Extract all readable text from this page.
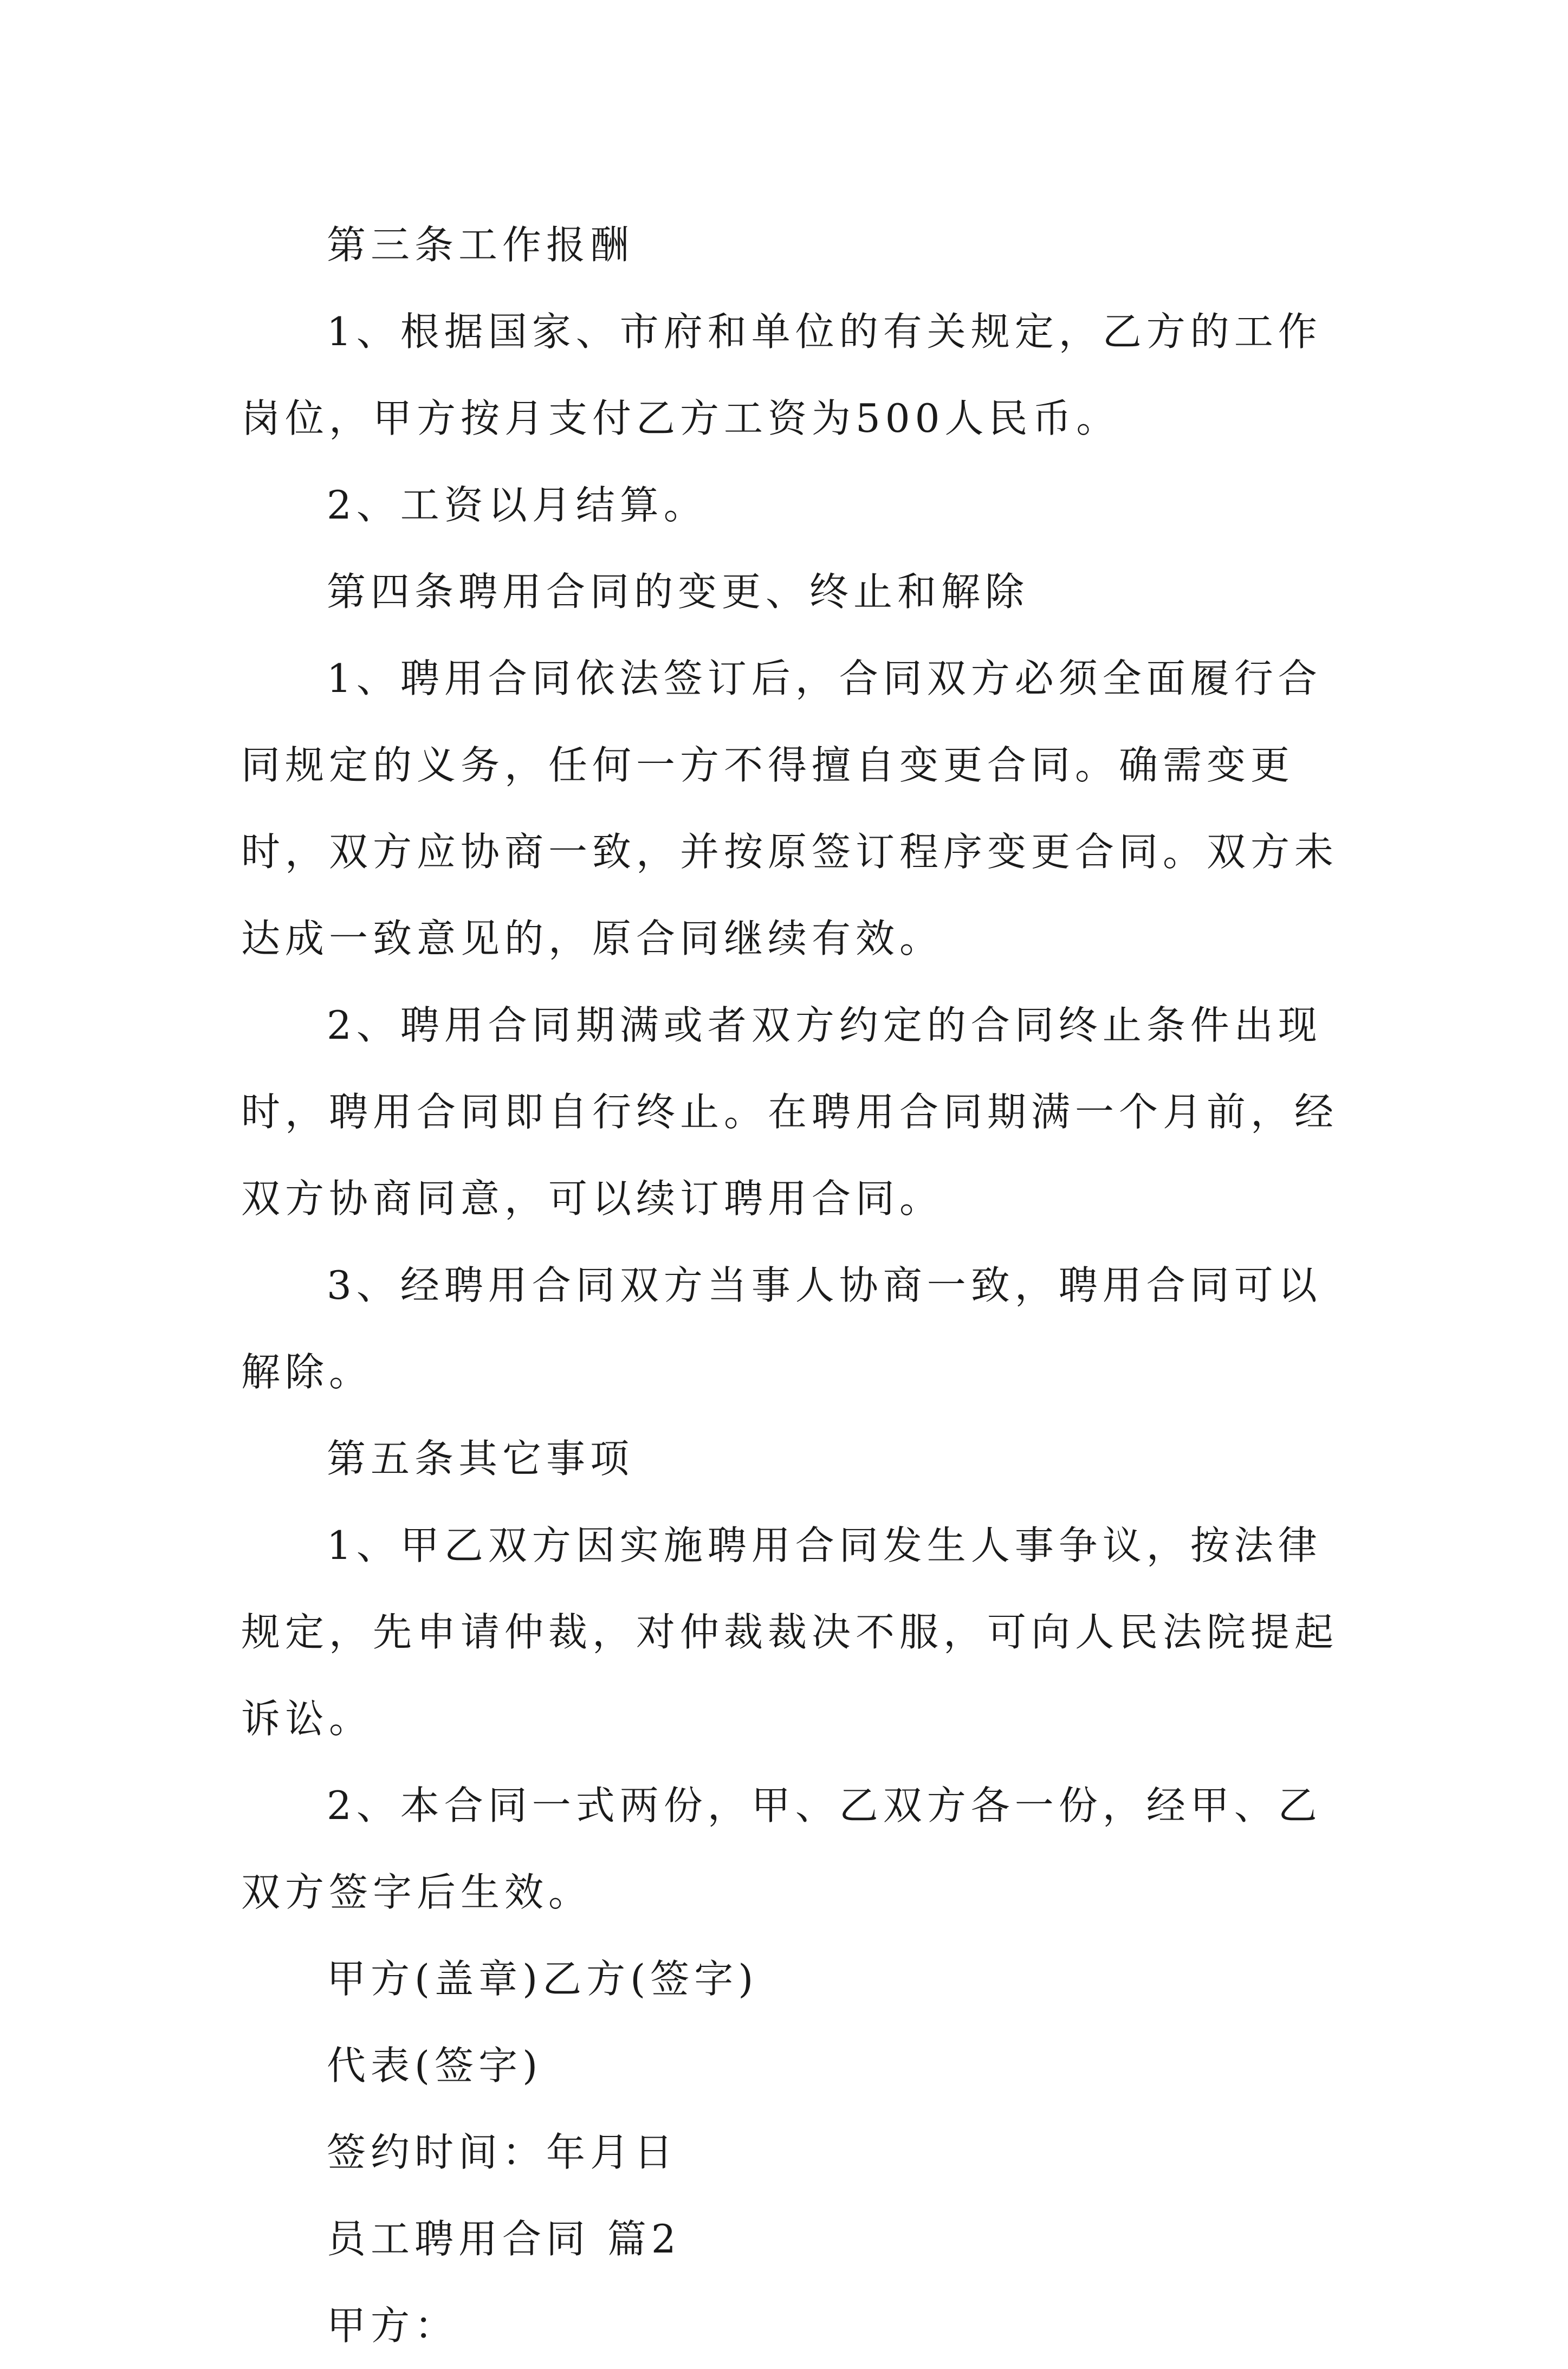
第三条工作报酬

1、根据国家、市府和单位的有关规定，乙方的工作岗位，甲方按月支付乙方工资为500人民币。

2、工资以月结算。

第四条聘用合同的变更、终止和解除

1、聘用合同依法签订后，合同双方必须全面履行合同规定的义务，任何一方不得擅自变更合同。确需变更时，双方应协商一致，并按原签订程序变更合同。双方未达成一致意见的，原合同继续有效。

2、聘用合同期满或者双方约定的合同终止条件出现时，聘用合同即自行终止。在聘用合同期满一个月前，经双方协商同意，可以续订聘用合同。

3、经聘用合同双方当事人协商一致，聘用合同可以解除。

第五条其它事项

1、甲乙双方因实施聘用合同发生人事争议，按法律规定，先申请仲裁，对仲裁裁决不服，可向人民法院提起诉讼。

2、本合同一式两份，甲、乙双方各一份，经甲、乙双方签字后生效。

甲方(盖章)乙方(签字)

代表(签字)

签约时间：年月日

员工聘用合同 篇2

甲方：
